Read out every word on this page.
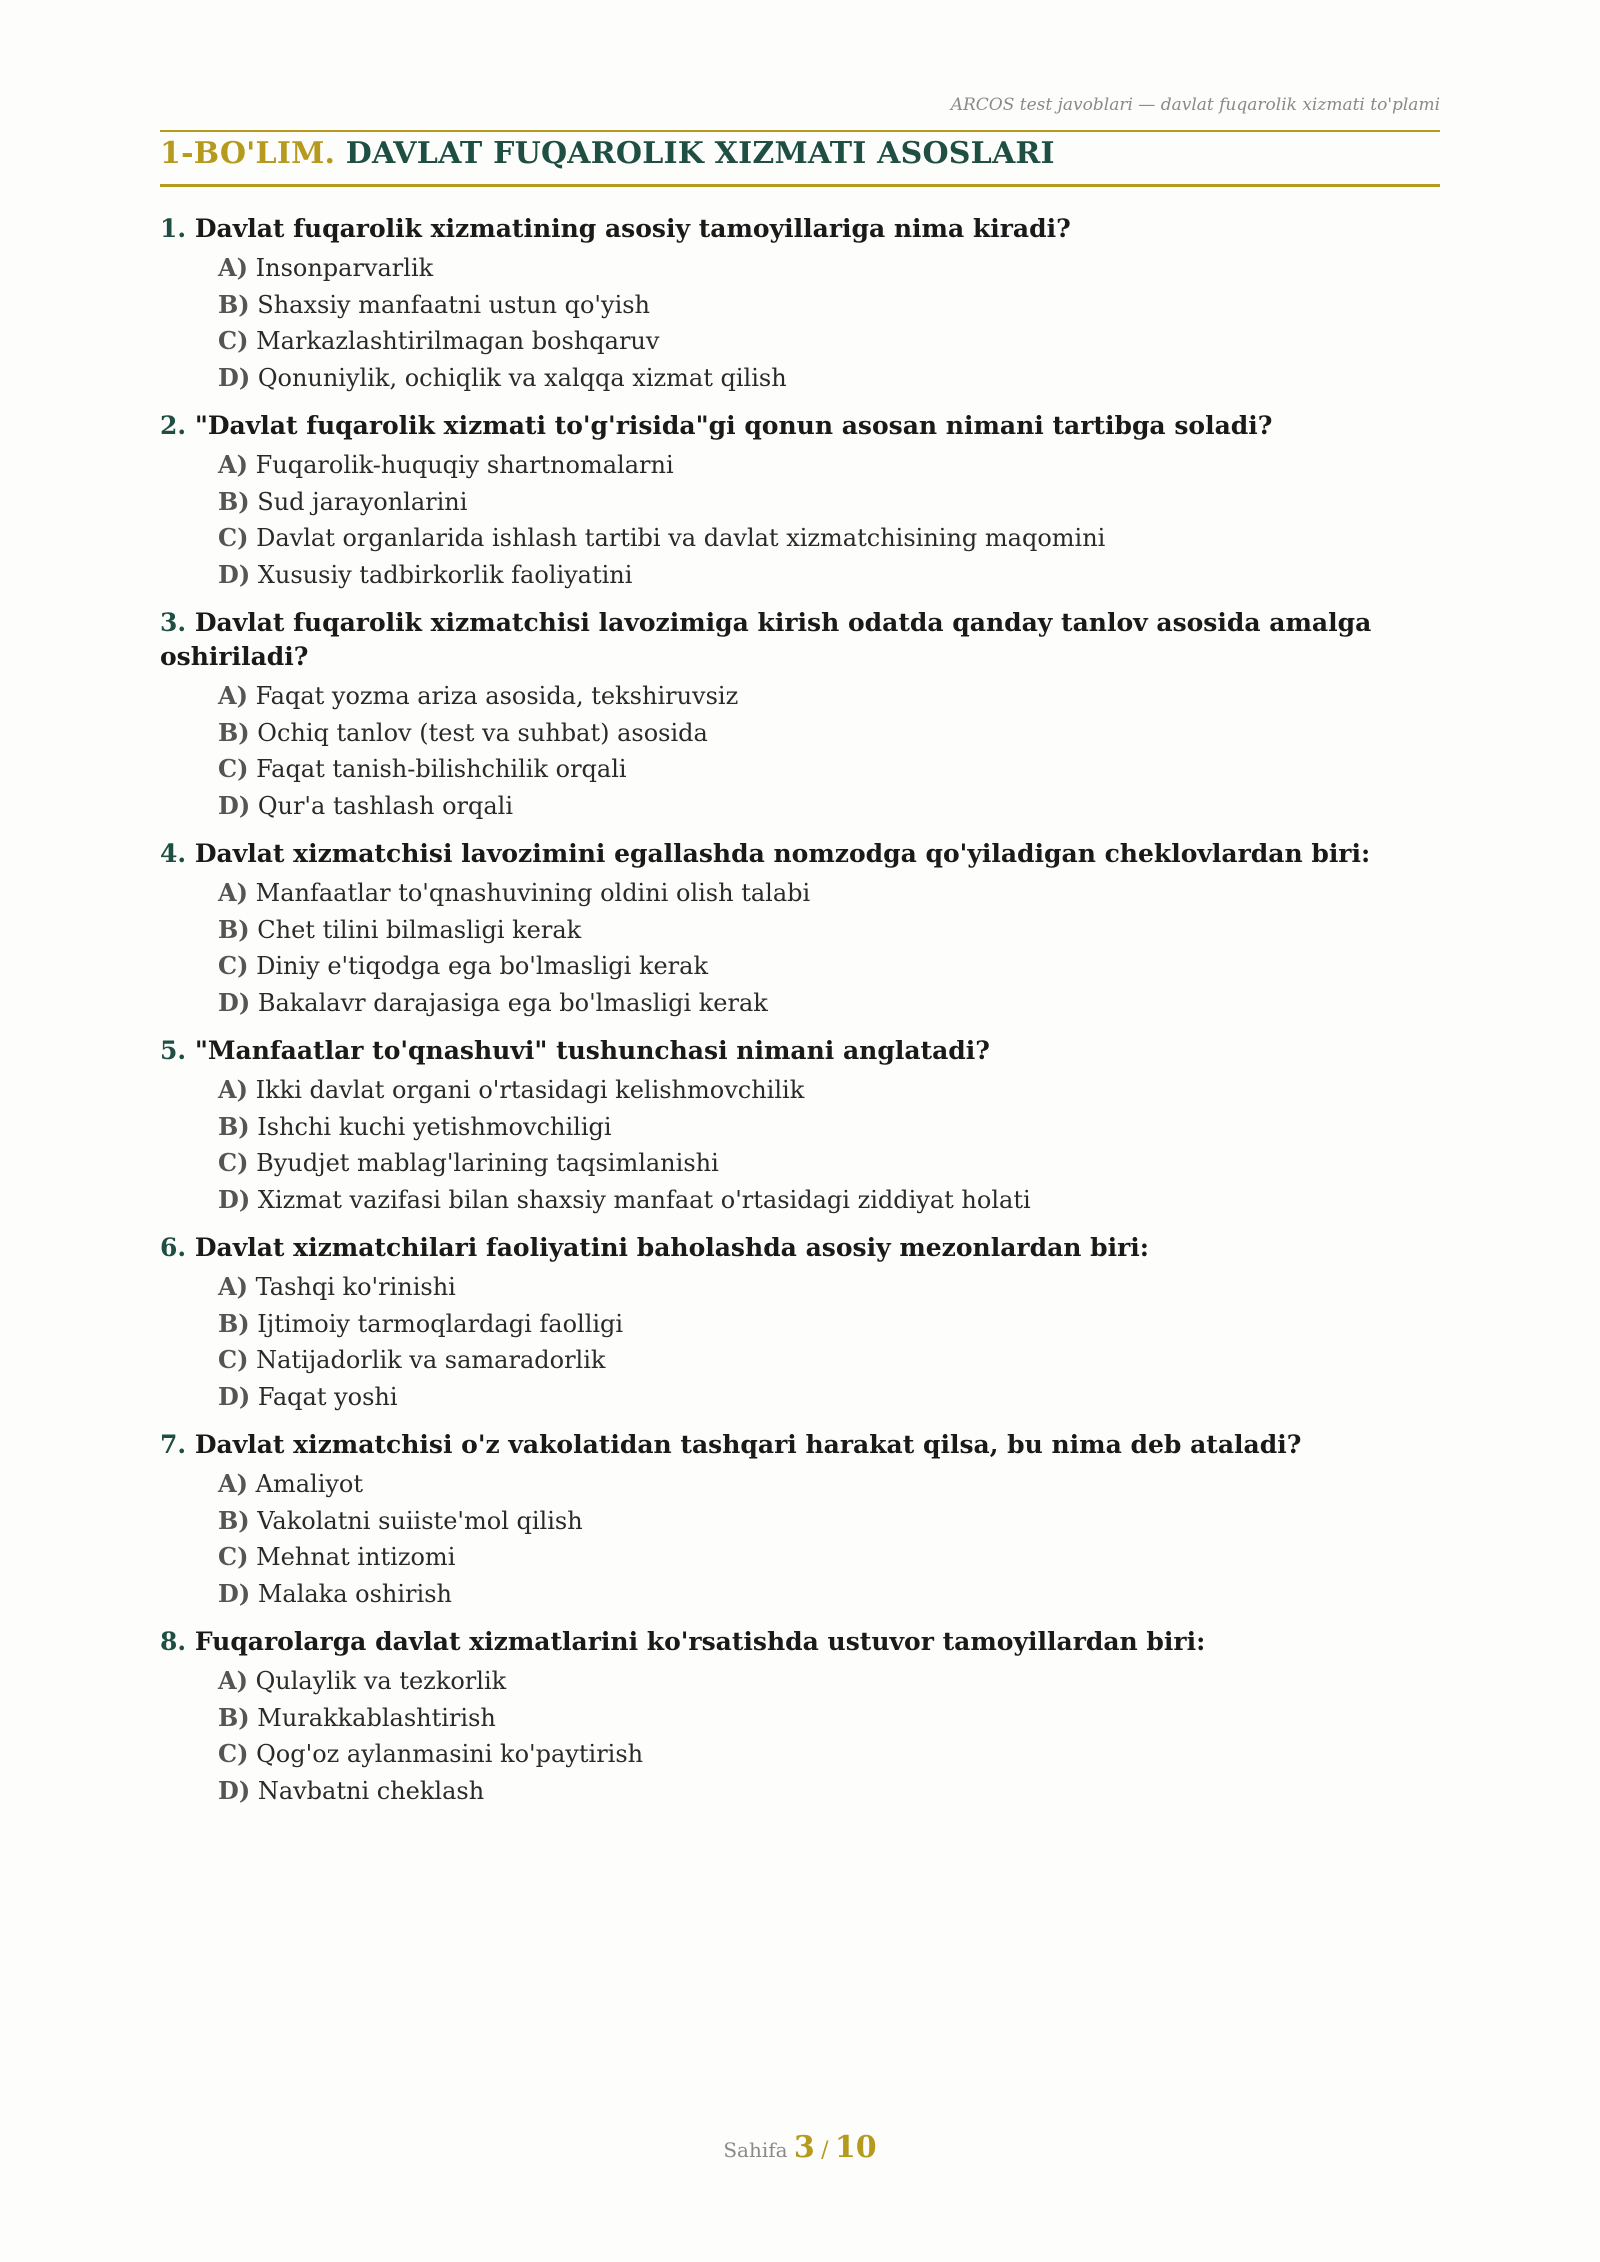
ARCOS test javoblari — davlat fuqarolik xizmati to'plami
1-BO'LIM. DAVLAT FUQAROLIK XIZMATI ASOSLARI

1. Davlat fuqarolik xizmatining asosiy tamoyillariga nima kiradi?

A) Insonparvarlik
B) Shaxsiy manfaatni ustun qo'yish
C) Markazlashtirilmagan boshqaruv
D) Qonuniylik, ochiqlik va xalqqa xizmat qilish

2. "Davlat fuqarolik xizmati to'g'risida"gi qonun asosan nimani tartibga soladi?

A) Fuqarolik-huquqiy shartnomalarni
B) Sud jarayonlarini
C) Davlat organlarida ishlash tartibi va davlat xizmatchisining maqomini
D) Xususiy tadbirkorlik faoliyatini

3. Davlat fuqarolik xizmatchisi lavozimiga kirish odatda qanday tanlov asosida amalga oshiriladi?

A) Faqat yozma ariza asosida, tekshiruvsiz
B) Ochiq tanlov (test va suhbat) asosida
C) Faqat tanish-bilishchilik orqali
D) Qur'a tashlash orqali

4. Davlat xizmatchisi lavozimini egallashda nomzodga qo'yiladigan cheklovlardan biri:

A) Manfaatlar to'qnashuvining oldini olish talabi
B) Chet tilini bilmasligi kerak
C) Diniy e'tiqodga ega bo'lmasligi kerak
D) Bakalavr darajasiga ega bo'lmasligi kerak

5. "Manfaatlar to'qnashuvi" tushunchasi nimani anglatadi?

A) Ikki davlat organi o'rtasidagi kelishmovchilik
B) Ishchi kuchi yetishmovchiligi
C) Byudjet mablag'larining taqsimlanishi
D) Xizmat vazifasi bilan shaxsiy manfaat o'rtasidagi ziddiyat holati

6. Davlat xizmatchilari faoliyatini baholashda asosiy mezonlardan biri:

A) Tashqi ko'rinishi
B) Ijtimoiy tarmoqlardagi faolligi
C) Natijadorlik va samaradorlik
D) Faqat yoshi

7. Davlat xizmatchisi o'z vakolatidan tashqari harakat qilsa, bu nima deb ataladi?

A) Amaliyot
B) Vakolatni suiiste'mol qilish
C) Mehnat intizomi
D) Malaka oshirish

8. Fuqarolarga davlat xizmatlarini ko'rsatishda ustuvor tamoyillardan biri:

A) Qulaylik va tezkorlik
B) Murakkablashtirish
C) Qog'oz aylanmasini ko'paytirish
D) Navbatni cheklash
Sahifa 3 / 10
